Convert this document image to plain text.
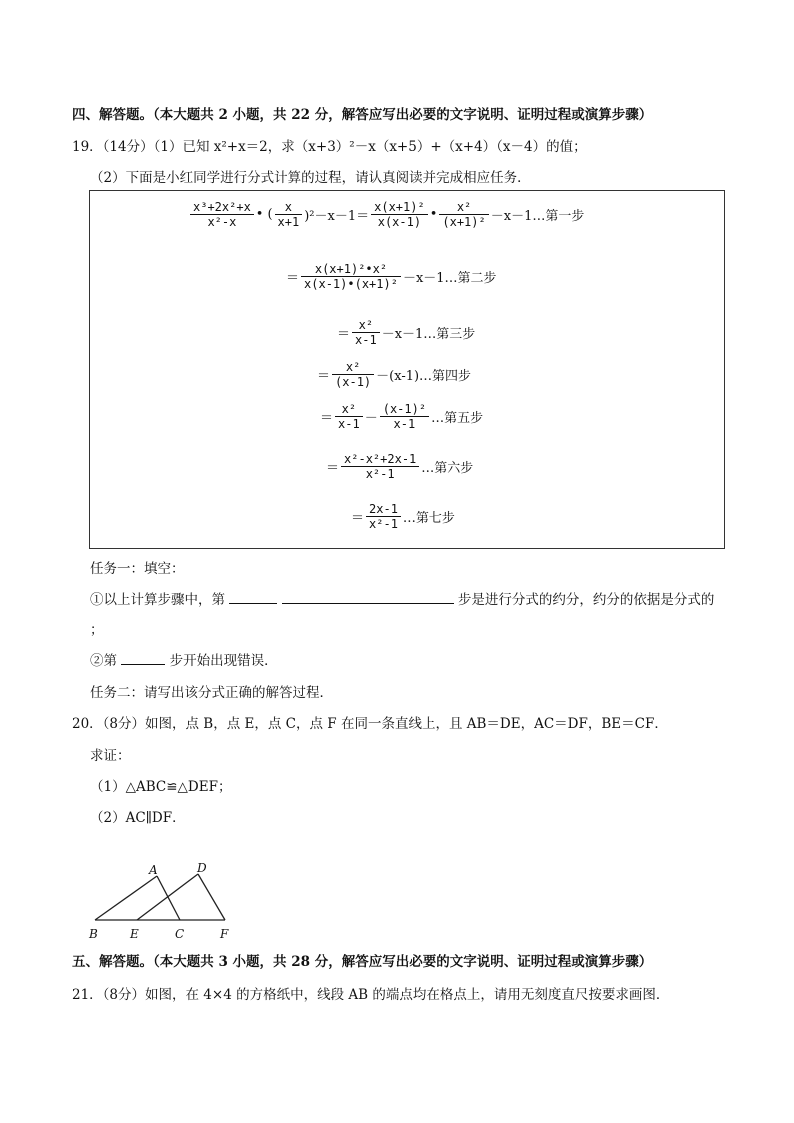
四、解答题。（本大题共 2 小题，共 22 分，解答应写出必要的文字说明、证明过程或演算步骤）
19．（14分）（1）已知 x²+x＝2，求（x+3）²－x（x+5）+（x+4）（x－4）的值；
（2）下面是小红同学进行分式计算的过程，请认真阅读并完成相应任务．
$\frac{\text{x³+2x²+x}}{\text{x²-x}}$ • ( $\frac{x}{x+1} )^2-x-1= \frac{\text{x(x+1)²}}{x(x-1)}$ • $\frac{\text{x²}}{\text{(x+1)²}}$ －x－1…第一步
＝ $\frac{\text{x(x+1)²•x²}}{\text{x(x-1)•(x+1)²}}$ －x－1…第二步
＝ $\frac{\text{x²}}{x-1}$ －x－1…第三步
＝ $\frac{\text{x²}}{(x-1)}$ －(x-1)…第四步
＝ $\frac{\text{x²}}{x-1} - \frac{\text{(x-1)²}}{x-1}$ …第五步
＝ $\frac{\text{x²-x²+2x-1}}{\text{x²-1}}$ …第六步
＝ $\frac{2x-1}{\text{x²-1}}$ …第七步
任务一：填空：
①以上计算步骤中，第	步是进行分式的约分，约分的依据是分式的
；
②第	步开始出现错误．
任务二：请写出该分式正确的解答过程．
20．（8分）如图，点 B，点 E，点 C，点 F 在同一条直线上，且 AB＝DE，AC＝DF，BE＝CF．
求证：
（1）△ABC≌△DEF；
（2）AC∥DF．
A
B	E	C
D
F
五、解答题。（本大题共 3 小题，共 28 分，解答应写出必要的文字说明、证明过程或演算步骤）
21．（8分）如图，在 4×4 的方格纸中，线段 AB 的端点均在格点上，请用无刻度直尺按要求画图．
